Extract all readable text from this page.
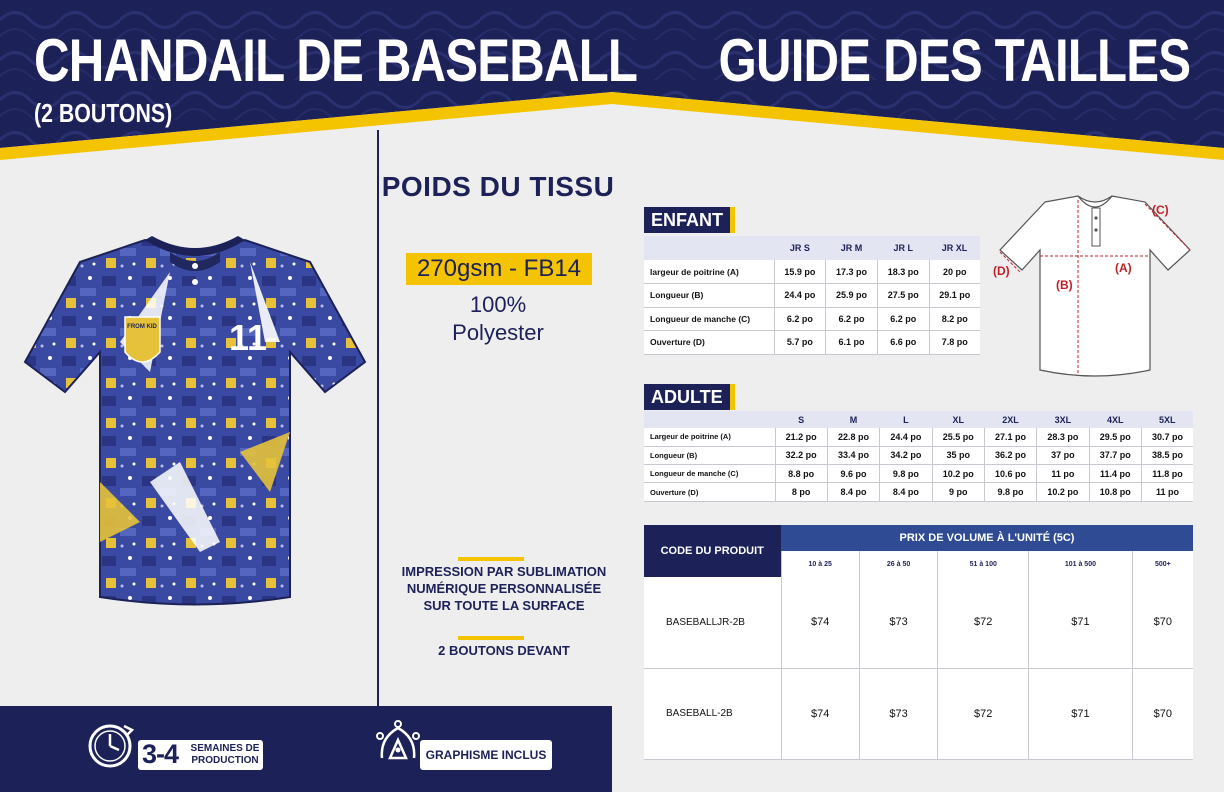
CHANDAIL DE BASEBALL
(2 BOUTONS)
GUIDE DES TAILLES
FROM KID 11
POIDS DU TISSU
270gsm - FB14
100%
Polyester
IMPRESSION PAR SUBLIMATION NUMÉRIQUE PERSONNALISÉE SUR TOUTE LA SURFACE
2 BOUTONS DEVANT
3-4 SEMAINES DE PRODUCTION	GRAPHISME INCLUS
ENFANT
	JR S	JR M	JR L	JR XL
largeur de poitrine (A)	15.9 po	17.3 po	18.3 po	20 po
Longueur (B)	24.4 po	25.9 po	27.5 po	29.1 po
Longueur de manche (C)	6.2 po	6.2 po	6.2 po	8.2 po
Ouverture (D)	5.7 po	6.1 po	6.6 po	7.8 po
(A)
(B)
(C)
(D)
ADULTE
	S	M	L	XL	2XL	3XL	4XL	5XL
Largeur de poitrine (A)	21.2 po	22.8 po	24.4 po	25.5 po	27.1 po	28.3 po	29.5 po	30.7 po
Longueur (B)	32.2 po	33.4 po	34.2 po	35 po	36.2 po	37 po	37.7 po	38.5 po
Longueur de manche (C)	8.8 po	9.6 po	9.8 po	10.2 po	10.6 po	11 po	11.4 po	11.8 po
Ouverture (D)	8 po	8.4 po	8.4 po	9 po	9.8 po	10.2 po	10.8 po	11 po
CODE DU PRODUIT	PRIX DE VOLUME À L'UNITÉ (5C)				
	10 à 25	26 à 50	51 à 100	101 à 500	500+
BASEBALLJR-2B	$74	$73	$72	$71	$70
BASEBALL-2B	$74	$73	$72	$71	$70
